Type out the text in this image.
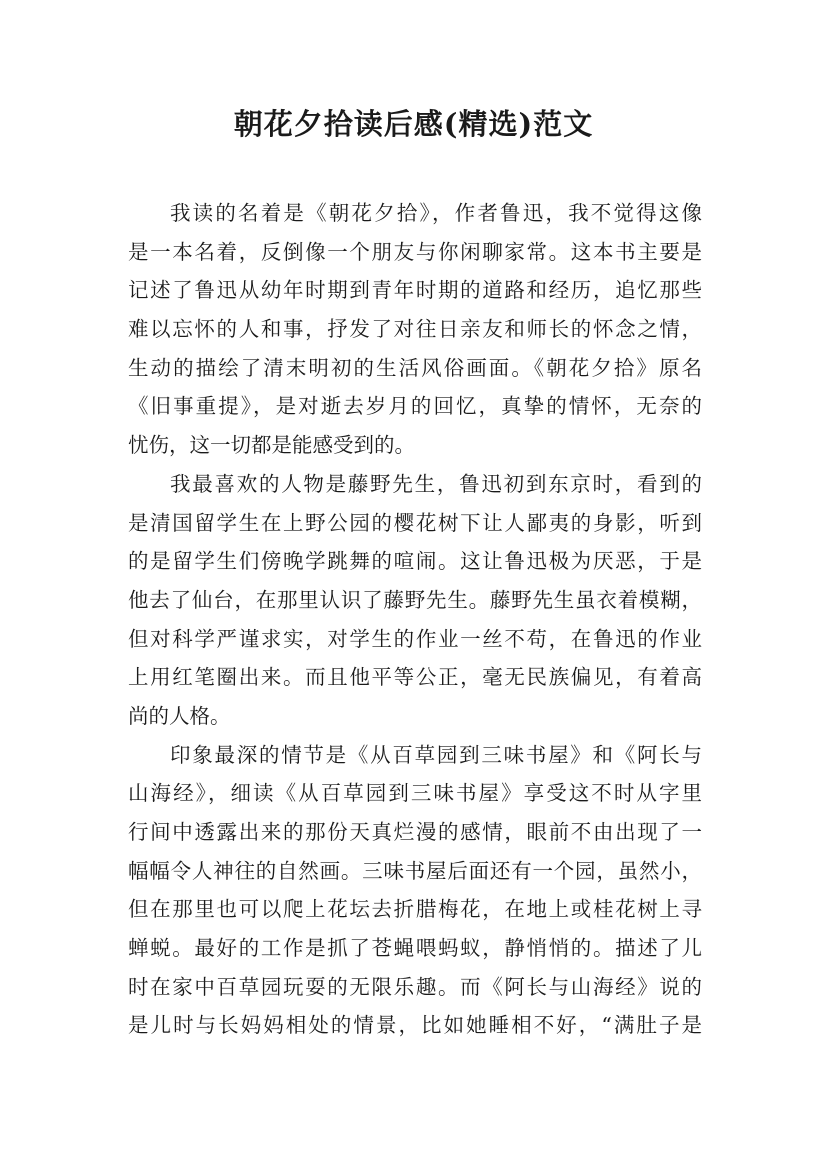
朝花夕拾读后感(精选)范文
我读的名着是《朝花夕拾》，作者鲁迅，我不觉得这像
是一本名着，反倒像一个朋友与你闲聊家常。这本书主要是
记述了鲁迅从幼年时期到青年时期的道路和经历，追忆那些
难以忘怀的人和事，抒发了对往日亲友和师长的怀念之情，
生动的描绘了清末明初的生活风俗画面。《朝花夕拾》原名
《旧事重提》，是对逝去岁月的回忆，真挚的情怀，无奈的
忧伤，这一切都是能感受到的。
我最喜欢的人物是藤野先生，鲁迅初到东京时，看到的
是清国留学生在上野公园的樱花树下让人鄙夷的身影，听到
的是留学生们傍晚学跳舞的喧闹。这让鲁迅极为厌恶，于是
他去了仙台，在那里认识了藤野先生。藤野先生虽衣着模糊，
但对科学严谨求实，对学生的作业一丝不苟，在鲁迅的作业
上用红笔圈出来。而且他平等公正，毫无民族偏见，有着高
尚的人格。
印象最深的情节是《从百草园到三味书屋》和《阿长与
山海经》，细读《从百草园到三味书屋》享受这不时从字里
行间中透露出来的那份天真烂漫的感情，眼前不由出现了一
幅幅令人神往的自然画。三味书屋后面还有一个园，虽然小，
但在那里也可以爬上花坛去折腊梅花，在地上或桂花树上寻
蝉蜕。最好的工作是抓了苍蝇喂蚂蚁，静悄悄的。描述了儿
时在家中百草园玩耍的无限乐趣。而《阿长与山海经》说的
是儿时与长妈妈相处的情景，比如她睡相不好，“满肚子是
